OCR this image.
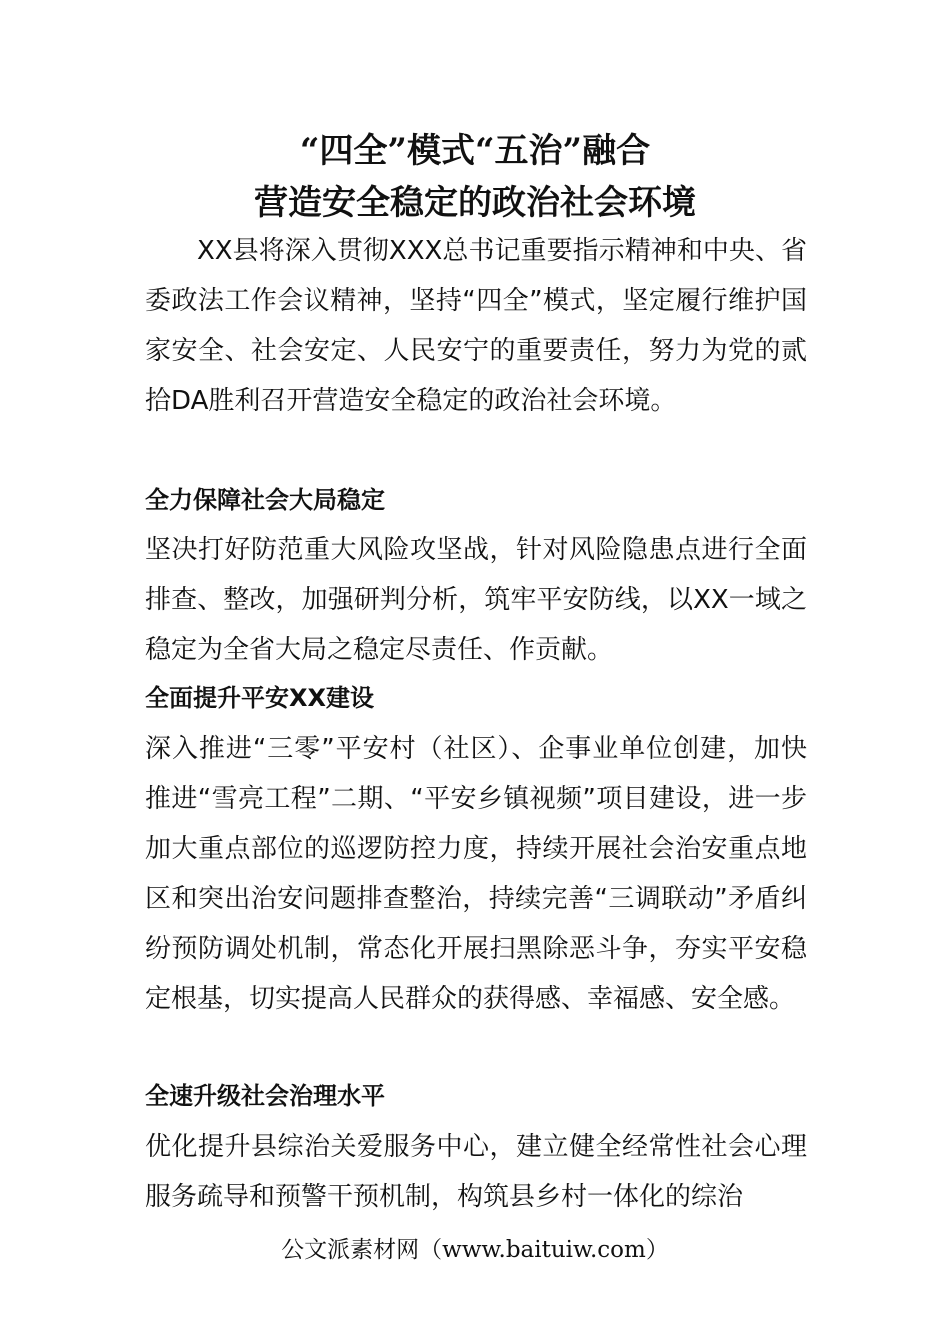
“四全”模式“五治”融合
营造安全稳定的政治社会环境

XX县将深入贯彻XXX总书记重要指示精神和中央、省委政法工作会议精神，坚持“四全”模式，坚定履行维护国家安全、社会安定、人民安宁的重要责任，努力为党的贰拾DA胜利召开营造安全稳定的政治社会环境。

全力保障社会大局稳定

坚决打好防范重大风险攻坚战，针对风险隐患点进行全面排查、整改，加强研判分析，筑牢平安防线，以XX一域之稳定为全省大局之稳定尽责任、作贡献。

全面提升平安XX建设

深入推进“三零”平安村（社区）、企事业单位创建，加快推进“雪亮工程”二期、“平安乡镇视频”项目建设，进一步加大重点部位的巡逻防控力度，持续开展社会治安重点地区和突出治安问题排查整治，持续完善“三调联动”矛盾纠纷预防调处机制，常态化开展扫黑除恶斗争，夯实平安稳定根基，切实提高人民群众的获得感、幸福感、安全感。

全速升级社会治理水平

优化提升县综治关爱服务中心，建立健全经常性社会心理服务疏导和预警干预机制，构筑县乡村一体化的综治

公文派素材网（www.baituiw.com）
